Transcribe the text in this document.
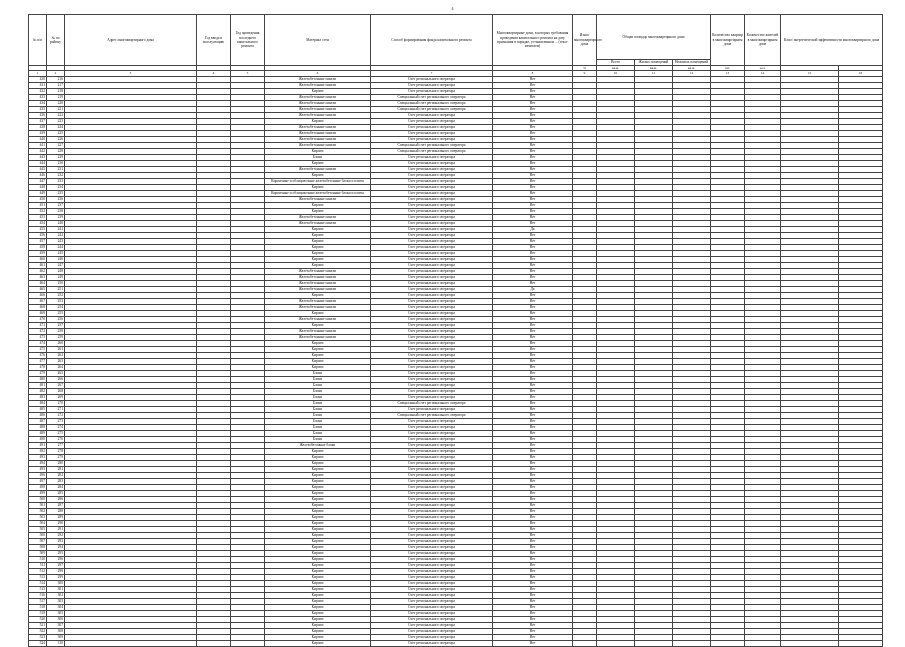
4
№ п/п	№ по району	Адрес многоквартирного дома	Год ввода в эксплуатацию	Год проведения последнего капитального ремонта	Материал стен	Способ формирования фонда капитального ремонта	Многоквартирные дома, в которых требования проведения капитального ремонта на дату признания в порядке, установленном ... (текст нечитаем)	Износ многоквартирного дома	Общая площадь многоквартирного дома			Количество квартир в многоквартирном доме	Количество жителей в многоквартирном доме	Класс энергетической эффективности многоквартирного дома	
									Всего	Жилых помещений	Нежилых помещений				
								%	кв.м.	кв.м.	кв.м.	шт.	чел.		
1	2	3	4	5	6	7	8	9	10	11	12	13	14	15	16
430	216				Железобетонные панели	Счет регионального оператора	Нет								
431	217				Железобетонные панели	Счет регионального оператора	Нет								
432	218				Кирпич	Счет регионального оператора	Нет								
433	219				Железобетонные панели	Специальный счет регионального оператора	Нет								
434	220				Железобетонные панели	Специальный счет регионального оператора	Нет								
435	221				Железобетонные панели	Специальный счет регионального оператора	Нет								
436	222				Железобетонные панели	Счет регионального оператора	Нет								
437	223				Кирпич	Счет регионального оператора	Нет								
438	224				Железобетонные панели	Счет регионального оператора	Нет								
439	225				Железобетонные панели	Счет регионального оператора	Нет								
440	226				Железобетонные панели	Счет регионального оператора	Нет								
441	227				Железобетонные панели	Специальный счет регионального оператора	Нет								
442	228				Кирпич	Специальный счет регионального оператора	Нет								
443	229				Блоки	Счет регионального оператора	Нет								
444	230				Кирпич	Счет регионального оператора	Нет								
445	231				Железобетонные панели	Счет регионального оператора	Нет								
446	232				Кирпич	Счет регионального оператора	Нет								
447	233				Кирпичные и облицовочные железобетонные блоки и плиты	Счет регионального оператора	Нет								
448	234				Кирпич	Счет регионального оператора	Нет								
449	235				Кирпичные и облицовочные железобетонные блоки и плиты	Счет регионального оператора	Нет								
450	236				Железобетонные панели	Счет регионального оператора	Нет								
451	237				Кирпич	Счет регионального оператора	Нет								
452	238				Кирпич	Счет регионального оператора	Нет								
453	239				Железобетонные панели	Счет регионального оператора	Нет								
454	240				Железобетонные панели	Счет регионального оператора	Нет								
455	241				Кирпич	Счет регионального оператора	Да								
456	242				Кирпич	Счет регионального оператора	Нет								
457	243				Кирпич	Счет регионального оператора	Нет								
458	244				Кирпич	Счет регионального оператора	Нет								
459	245				Кирпич	Счет регионального оператора	Нет								
460	246				Кирпич	Счет регионального оператора	Нет								
461	247				Кирпич	Счет регионального оператора	Нет								
462	248				Железобетонные панели	Счет регионального оператора	Нет								
463	249				Железобетонные панели	Счет регионального оператора	Нет								
464	250				Железобетонные панели	Счет регионального оператора	Нет								
465	251				Железобетонные панели	Счет регионального оператора	Да								
466	252				Кирпич	Счет регионального оператора	Нет								
467	253				Железобетонные панели	Счет регионального оператора	Нет								
468	254				Железобетонные панели	Счет регионального оператора	Нет								
469	255				Кирпич	Счет регионального оператора	Нет								
470	256				Железобетонные панели	Счет регионального оператора	Нет								
471	257				Кирпич	Счет регионального оператора	Нет								
472	258				Железобетонные панели	Счет регионального оператора	Нет								
473	259				Железобетонные панели	Счет регионального оператора	Нет								
474	260				Кирпич	Счет регионального оператора	Нет								
475	261				Кирпич	Счет регионального оператора	Нет								
476	262				Кирпич	Счет регионального оператора	Нет								
477	263				Кирпич	Счет регионального оператора	Нет								
478	264				Кирпич	Счет регионального оператора	Нет								
479	265				Блоки	Счет регионального оператора	Нет								
480	266				Блоки	Счет регионального оператора	Нет								
481	267				Блоки	Счет регионального оператора	Нет								
482	268				Блоки	Счет регионального оператора	Нет								
483	269				Блоки	Счет регионального оператора	Нет								
484	270				Блоки	Специальный счет регионального оператора	Нет								
485	271				Блоки	Счет регионального оператора	Нет								
486	272				Блоки	Специальный счет регионального оператора	Нет								
487	273				Блоки	Счет регионального оператора	Нет								
488	274				Блоки	Счет регионального оператора	Нет								
489	275				Блоки	Счет регионального оператора	Нет								
490	276				Блоки	Счет регионального оператора	Нет								
491	277				Железобетонные блоки	Счет регионального оператора	Нет								
492	278				Кирпич	Счет регионального оператора	Нет								
493	279				Кирпич	Счет регионального оператора	Нет								
494	280				Кирпич	Счет регионального оператора	Нет								
495	281				Кирпич	Счет регионального оператора	Нет								
496	282				Кирпич	Счет регионального оператора	Нет								
497	283				Кирпич	Счет регионального оператора	Нет								
498	284				Кирпич	Счет регионального оператора	Нет								
499	285				Кирпич	Счет регионального оператора	Нет								
500	286				Кирпич	Счет регионального оператора	Нет								
501	287				Кирпич	Счет регионального оператора	Нет								
502	288				Кирпич	Счет регионального оператора	Нет								
503	289				Кирпич	Счет регионального оператора	Нет								
504	290				Кирпич	Счет регионального оператора	Нет								
505	291				Кирпич	Счет регионального оператора	Нет								
506	292				Кирпич	Счет регионального оператора	Нет								
507	293				Кирпич	Счет регионального оператора	Нет								
508	294				Кирпич	Счет регионального оператора	Нет								
509	295				Кирпич	Счет регионального оператора	Нет								
510	296				Кирпич	Счет регионального оператора	Нет								
511	297				Кирпич	Счет регионального оператора	Нет								
512	298				Кирпич	Счет регионального оператора	Нет								
513	299				Кирпич	Счет регионального оператора	Нет								
514	300				Кирпич	Счет регионального оператора	Нет								
515	301				Кирпич	Счет регионального оператора	Нет								
516	302				Кирпич	Счет регионального оператора	Нет								
517	303				Кирпич	Счет регионального оператора	Нет								
518	304				Кирпич	Счет регионального оператора	Нет								
519	305				Кирпич	Счет регионального оператора	Нет								
520	306				Кирпич	Счет регионального оператора	Нет								
521	307				Кирпич	Счет регионального оператора	Нет								
522	308				Кирпич	Счет регионального оператора	Нет								
523	309				Кирпич	Счет регионального оператора	Нет								
524	310				Кирпич	Счет регионального оператора	Нет								
